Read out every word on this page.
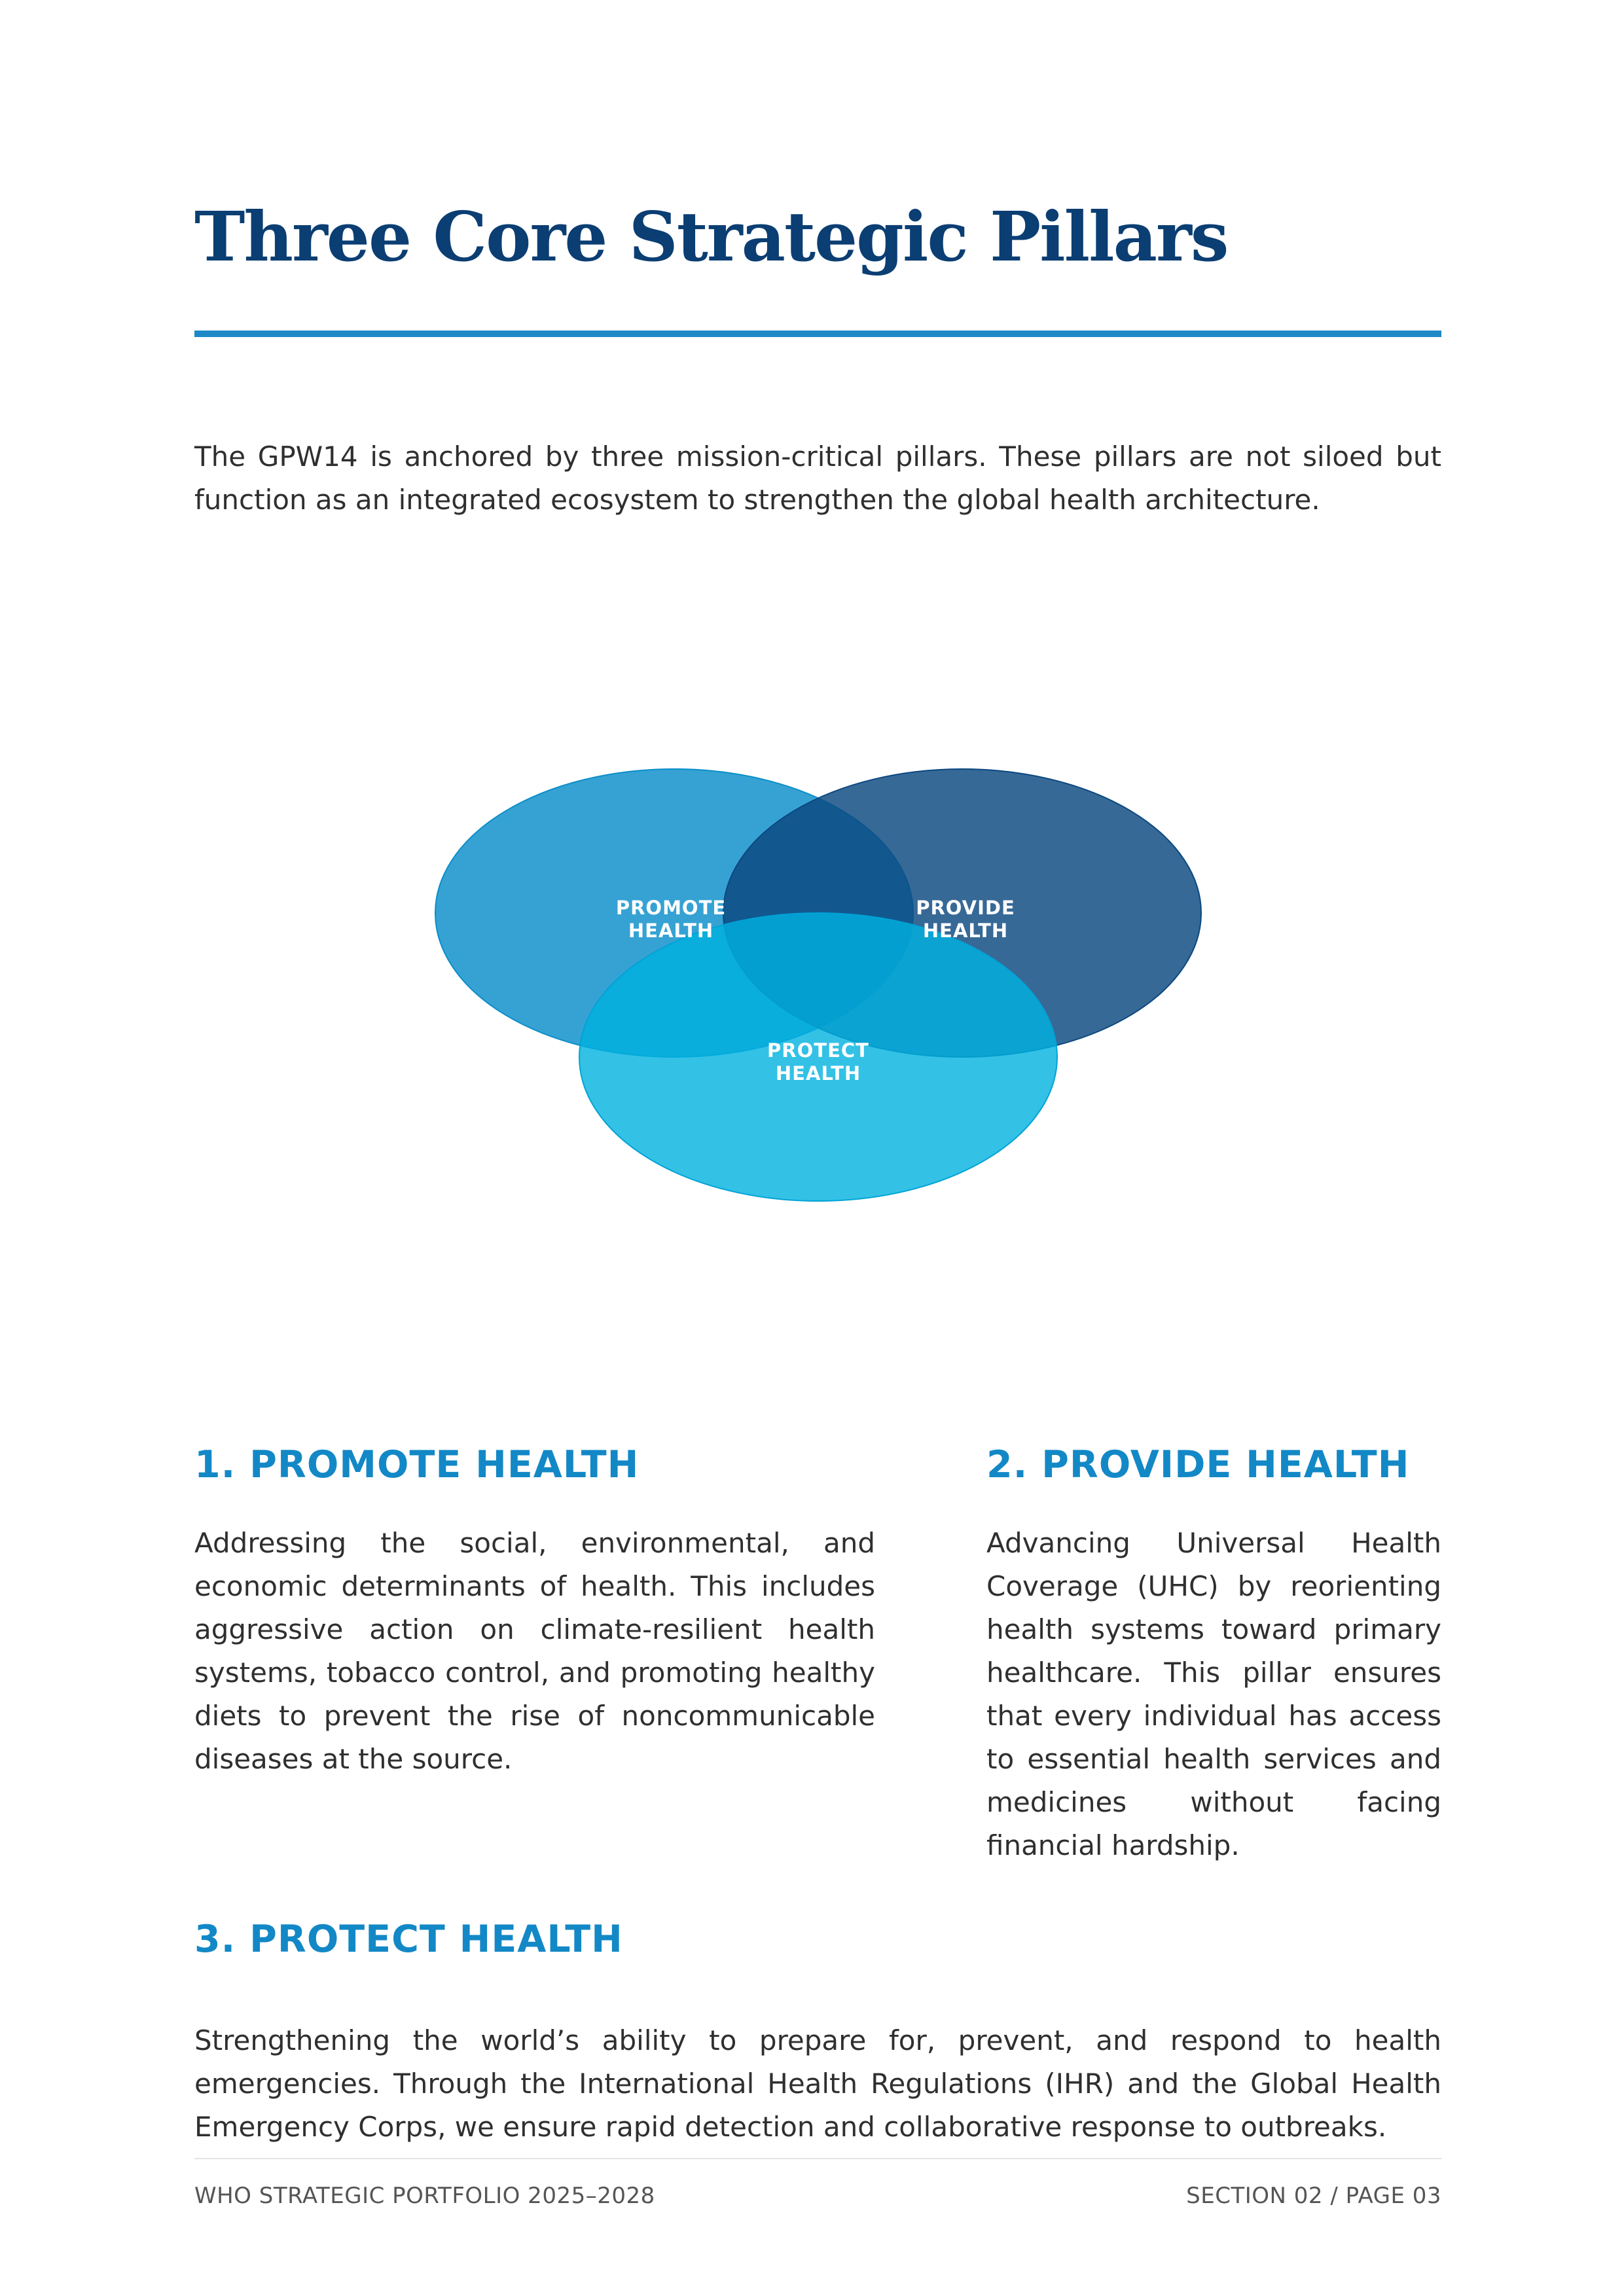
Three Core Strategic Pillars

The GPW14 is anchored by three mission-critical pillars. These pillars are not siloed but function as an integrated ecosystem to strengthen the global health architecture.

PROMOTE
HEALTH
PROVIDE
HEALTH
PROTECT
HEALTH
1. PROMOTE HEALTH

Addressing the social, environmental, and economic determinants of health. This includes aggressive action on climate-resilient health systems, tobacco control, and promoting healthy diets to prevent the rise of noncommunicable diseases at the source.

2. PROVIDE HEALTH

Advancing Universal Health Coverage (UHC) by reorienting health systems toward primary healthcare. This pillar ensures that every individual has access to essential health services and medicines without facing financial hardship.

3. PROTECT HEALTH

Strengthening the world’s ability to prepare for, prevent, and respond to health emergencies. Through the International Health Regulations (IHR) and the Global Health Emergency Corps, we ensure rapid detection and collaborative response to outbreaks.

WHO STRATEGIC PORTFOLIO 2025–2028	SECTION 02 / PAGE 03
